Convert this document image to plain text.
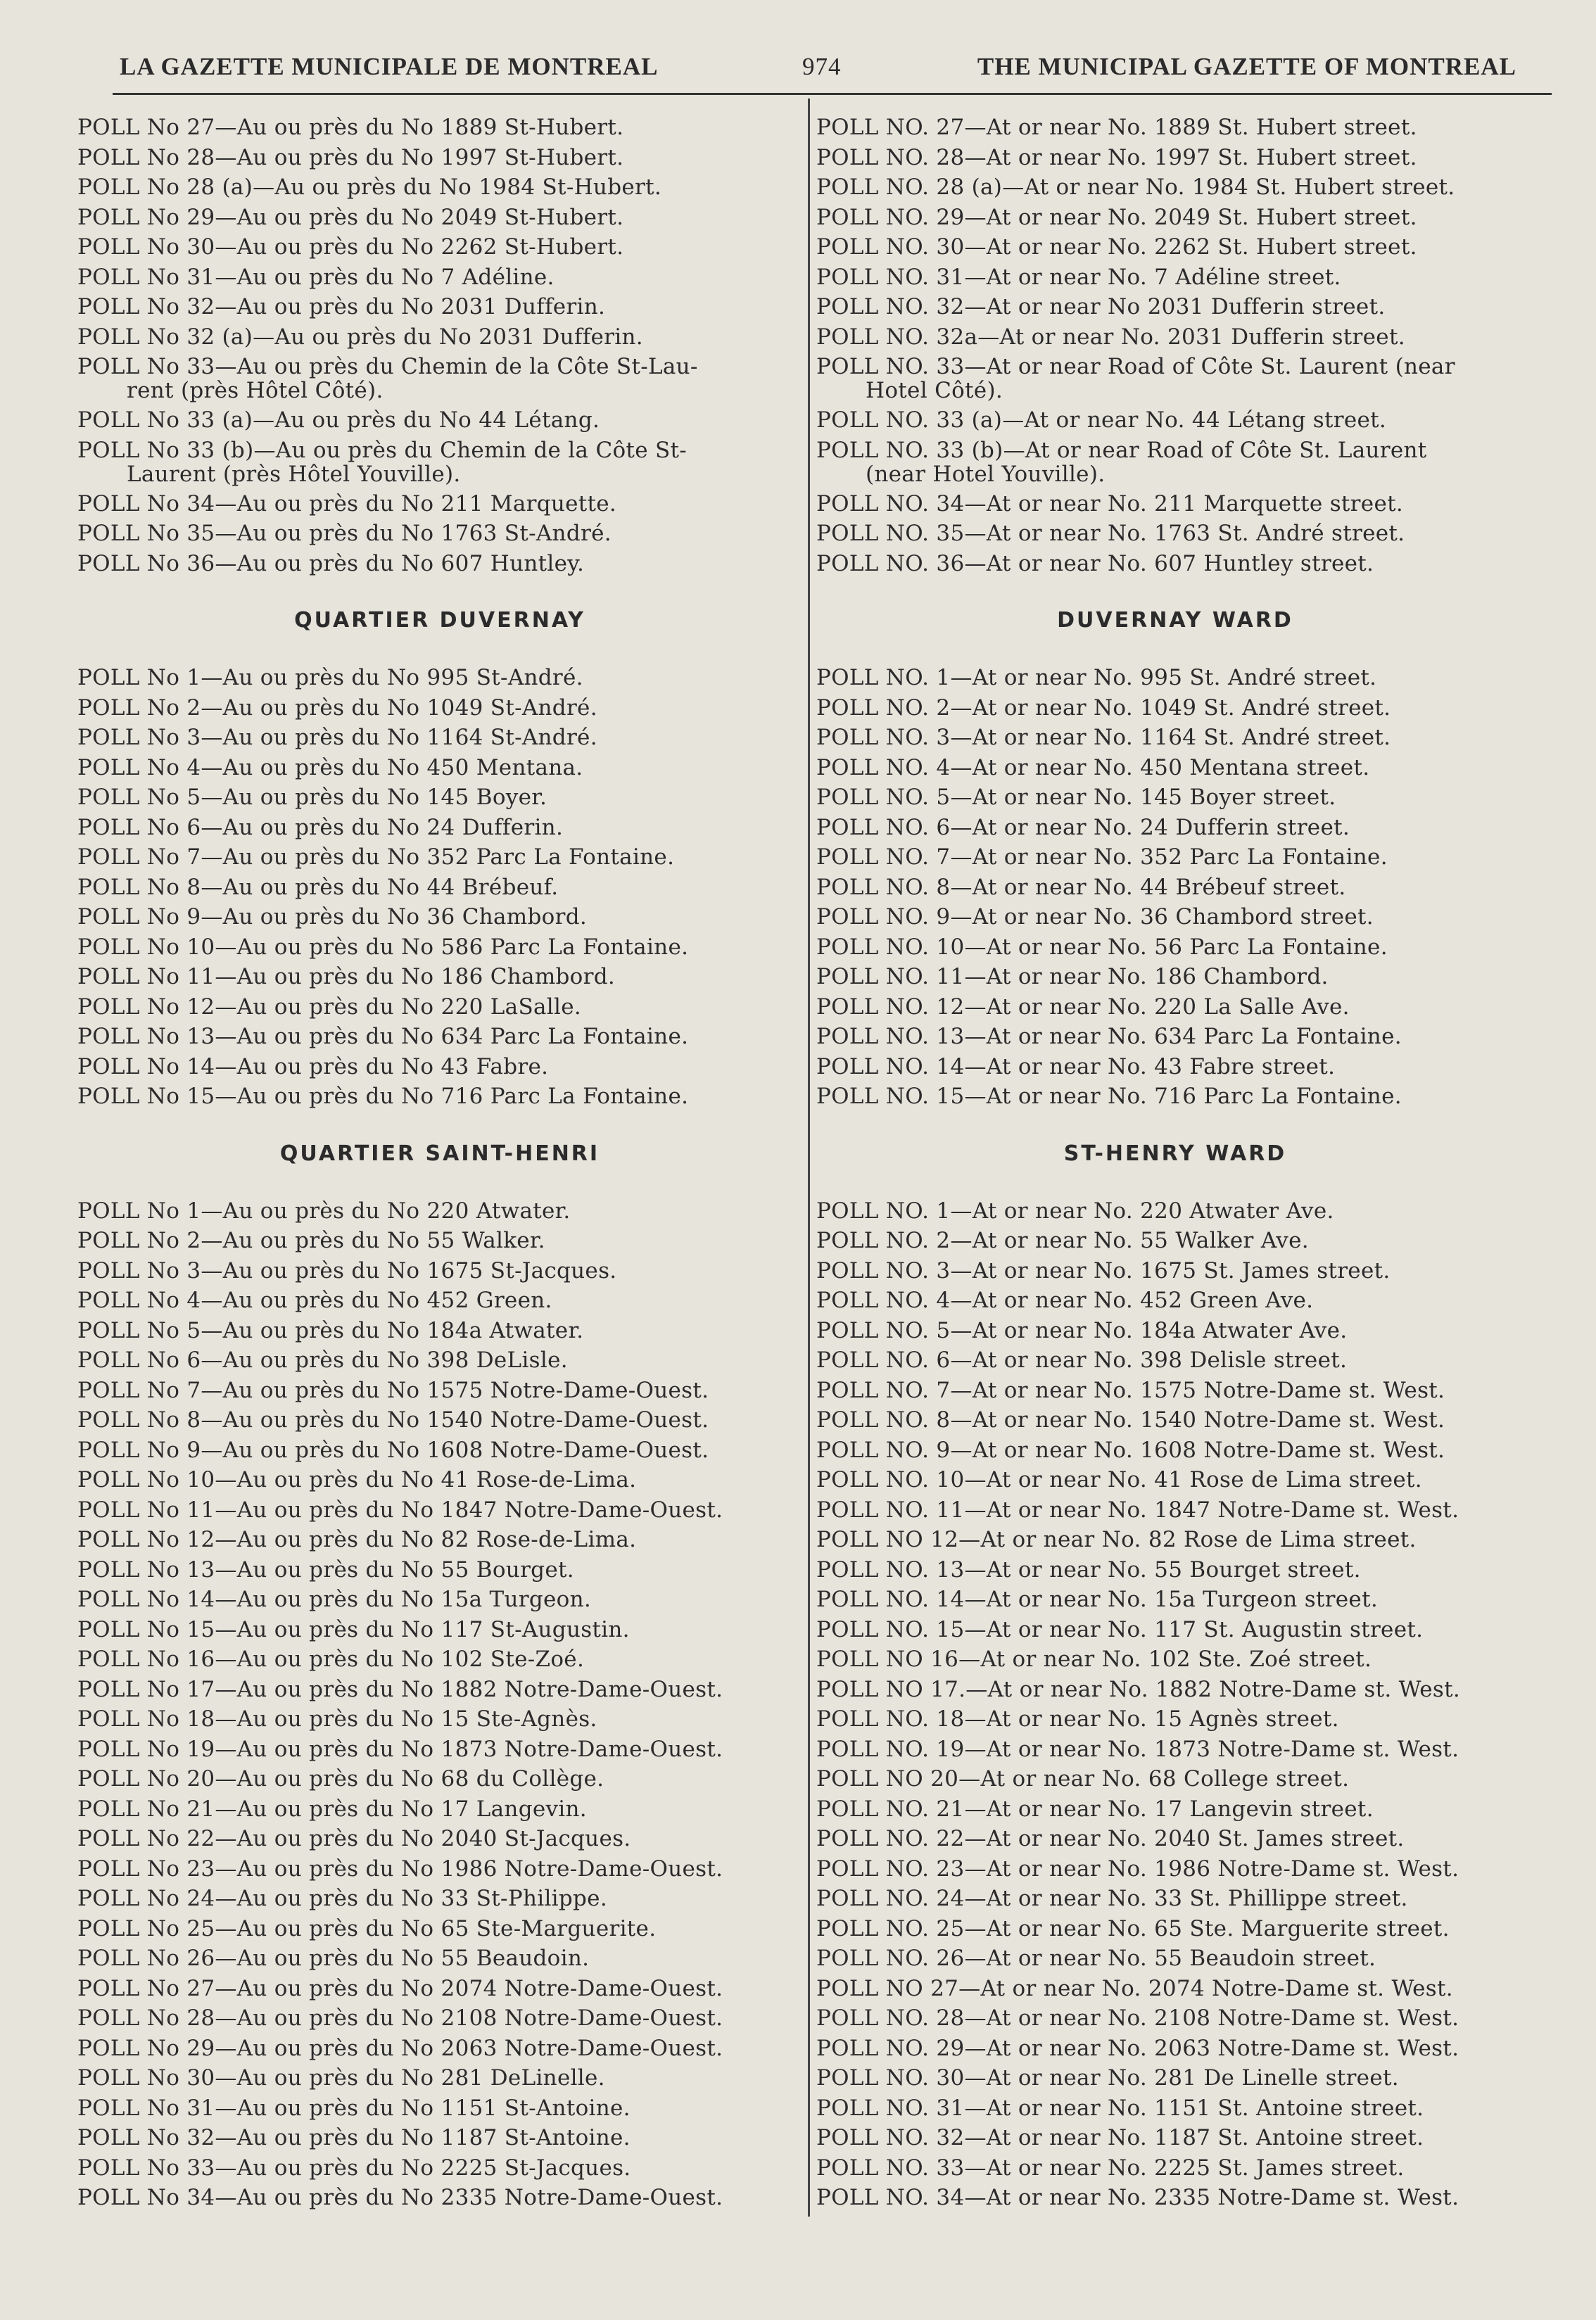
LA GAZETTE MUNICIPALE DE MONTREAL	974	THE MUNICIPAL GAZETTE OF MONTREAL
POLL No 27—Au ou près du No 1889 St-Hubert.
POLL No 28—Au ou près du No 1997 St-Hubert.
POLL No 28 (a)—Au ou près du No 1984 St-Hubert.
POLL No 29—Au ou près du No 2049 St-Hubert.
POLL No 30—Au ou près du No 2262 St-Hubert.
POLL No 31—Au ou près du No 7 Adéline.
POLL No 32—Au ou près du No 2031 Dufferin.
POLL No 32 (a)—Au ou près du No 2031 Dufferin.
POLL No 33—Au ou près du Chemin de la Côte St-Lau-
rent (près Hôtel Côté).
POLL No 33 (a)—Au ou près du No 44 Létang.
POLL No 33 (b)—Au ou près du Chemin de la Côte St-
Laurent (près Hôtel Youville).
POLL No 34—Au ou près du No 211 Marquette.
POLL No 35—Au ou près du No 1763 St-André.
POLL No 36—Au ou près du No 607 Huntley.
QUARTIER DUVERNAY
POLL No 1—Au ou près du No 995 St-André.
POLL No 2—Au ou près du No 1049 St-André.
POLL No 3—Au ou près du No 1164 St-André.
POLL No 4—Au ou près du No 450 Mentana.
POLL No 5—Au ou près du No 145 Boyer.
POLL No 6—Au ou près du No 24 Dufferin.
POLL No 7—Au ou près du No 352 Parc La Fontaine.
POLL No 8—Au ou près du No 44 Brébeuf.
POLL No 9—Au ou près du No 36 Chambord.
POLL No 10—Au ou près du No 586 Parc La Fontaine.
POLL No 11—Au ou près du No 186 Chambord.
POLL No 12—Au ou près du No 220 LaSalle.
POLL No 13—Au ou près du No 634 Parc La Fontaine.
POLL No 14—Au ou près du No 43 Fabre.
POLL No 15—Au ou près du No 716 Parc La Fontaine.
QUARTIER SAINT-HENRI
POLL No 1—Au ou près du No 220 Atwater.
POLL No 2—Au ou près du No 55 Walker.
POLL No 3—Au ou près du No 1675 St-Jacques.
POLL No 4—Au ou près du No 452 Green.
POLL No 5—Au ou près du No 184a Atwater.
POLL No 6—Au ou près du No 398 DeLisle.
POLL No 7—Au ou près du No 1575 Notre-Dame-Ouest.
POLL No 8—Au ou près du No 1540 Notre-Dame-Ouest.
POLL No 9—Au ou près du No 1608 Notre-Dame-Ouest.
POLL No 10—Au ou près du No 41 Rose-de-Lima.
POLL No 11—Au ou près du No 1847 Notre-Dame-Ouest.
POLL No 12—Au ou près du No 82 Rose-de-Lima.
POLL No 13—Au ou près du No 55 Bourget.
POLL No 14—Au ou près du No 15a Turgeon.
POLL No 15—Au ou près du No 117 St-Augustin.
POLL No 16—Au ou près du No 102 Ste-Zoé.
POLL No 17—Au ou près du No 1882 Notre-Dame-Ouest.
POLL No 18—Au ou près du No 15 Ste-Agnès.
POLL No 19—Au ou près du No 1873 Notre-Dame-Ouest.
POLL No 20—Au ou près du No 68 du Collège.
POLL No 21—Au ou près du No 17 Langevin.
POLL No 22—Au ou près du No 2040 St-Jacques.
POLL No 23—Au ou près du No 1986 Notre-Dame-Ouest.
POLL No 24—Au ou près du No 33 St-Philippe.
POLL No 25—Au ou près du No 65 Ste-Marguerite.
POLL No 26—Au ou près du No 55 Beaudoin.
POLL No 27—Au ou près du No 2074 Notre-Dame-Ouest.
POLL No 28—Au ou près du No 2108 Notre-Dame-Ouest.
POLL No 29—Au ou près du No 2063 Notre-Dame-Ouest.
POLL No 30—Au ou près du No 281 DeLinelle.
POLL No 31—Au ou près du No 1151 St-Antoine.
POLL No 32—Au ou près du No 1187 St-Antoine.
POLL No 33—Au ou près du No 2225 St-Jacques.
POLL No 34—Au ou près du No 2335 Notre-Dame-Ouest.
POLL NO. 27—At or near No. 1889 St. Hubert street.
POLL NO. 28—At or near No. 1997 St. Hubert street.
POLL NO. 28 (a)—At or near No. 1984 St. Hubert street.
POLL NO. 29—At or near No. 2049 St. Hubert street.
POLL NO. 30—At or near No. 2262 St. Hubert street.
POLL NO. 31—At or near No. 7 Adéline street.
POLL NO. 32—At or near No 2031 Dufferin street.
POLL NO. 32a—At or near No. 2031 Dufferin street.
POLL NO. 33—At or near Road of Côte St. Laurent (near
Hotel Côté).
POLL NO. 33 (a)—At or near No. 44 Létang street.
POLL NO. 33 (b)—At or near Road of Côte St. Laurent
(near Hotel Youville).
POLL NO. 34—At or near No. 211 Marquette street.
POLL NO. 35—At or near No. 1763 St. André street.
POLL NO. 36—At or near No. 607 Huntley street.
DUVERNAY WARD
POLL NO. 1—At or near No. 995 St. André street.
POLL NO. 2—At or near No. 1049 St. André street.
POLL NO. 3—At or near No. 1164 St. André street.
POLL NO. 4—At or near No. 450 Mentana street.
POLL NO. 5—At or near No. 145 Boyer street.
POLL NO. 6—At or near No. 24 Dufferin street.
POLL NO. 7—At or near No. 352 Parc La Fontaine.
POLL NO. 8—At or near No. 44 Brébeuf street.
POLL NO. 9—At or near No. 36 Chambord street.
POLL NO. 10—At or near No. 56 Parc La Fontaine.
POLL NO. 11—At or near No. 186 Chambord.
POLL NO. 12—At or near No. 220 La Salle Ave.
POLL NO. 13—At or near No. 634 Parc La Fontaine.
POLL NO. 14—At or near No. 43 Fabre street.
POLL NO. 15—At or near No. 716 Parc La Fontaine.
ST-HENRY WARD
POLL NO. 1—At or near No. 220 Atwater Ave.
POLL NO. 2—At or near No. 55 Walker Ave.
POLL NO. 3—At or near No. 1675 St. James street.
POLL NO. 4—At or near No. 452 Green Ave.
POLL NO. 5—At or near No. 184a Atwater Ave.
POLL NO. 6—At or near No. 398 Delisle street.
POLL NO. 7—At or near No. 1575 Notre-Dame st. West.
POLL NO. 8—At or near No. 1540 Notre-Dame st. West.
POLL NO. 9—At or near No. 1608 Notre-Dame st. West.
POLL NO. 10—At or near No. 41 Rose de Lima street.
POLL NO. 11—At or near No. 1847 Notre-Dame st. West.
POLL NO 12—At or near No. 82 Rose de Lima street.
POLL NO. 13—At or near No. 55 Bourget street.
POLL NO. 14—At or near No. 15a Turgeon street.
POLL NO. 15—At or near No. 117 St. Augustin street.
POLL NO 16—At or near No. 102 Ste. Zoé street.
POLL NO 17.—At or near No. 1882 Notre-Dame st. West.
POLL NO. 18—At or near No. 15 Agnès street.
POLL NO. 19—At or near No. 1873 Notre-Dame st. West.
POLL NO 20—At or near No. 68 College street.
POLL NO. 21—At or near No. 17 Langevin street.
POLL NO. 22—At or near No. 2040 St. James street.
POLL NO. 23—At or near No. 1986 Notre-Dame st. West.
POLL NO. 24—At or near No. 33 St. Phillippe street.
POLL NO. 25—At or near No. 65 Ste. Marguerite street.
POLL NO. 26—At or near No. 55 Beaudoin street.
POLL NO 27—At or near No. 2074 Notre-Dame st. West.
POLL NO. 28—At or near No. 2108 Notre-Dame st. West.
POLL NO. 29—At or near No. 2063 Notre-Dame st. West.
POLL NO. 30—At or near No. 281 De Linelle street.
POLL NO. 31—At or near No. 1151 St. Antoine street.
POLL NO. 32—At or near No. 1187 St. Antoine street.
POLL NO. 33—At or near No. 2225 St. James street.
POLL NO. 34—At or near No. 2335 Notre-Dame st. West.
